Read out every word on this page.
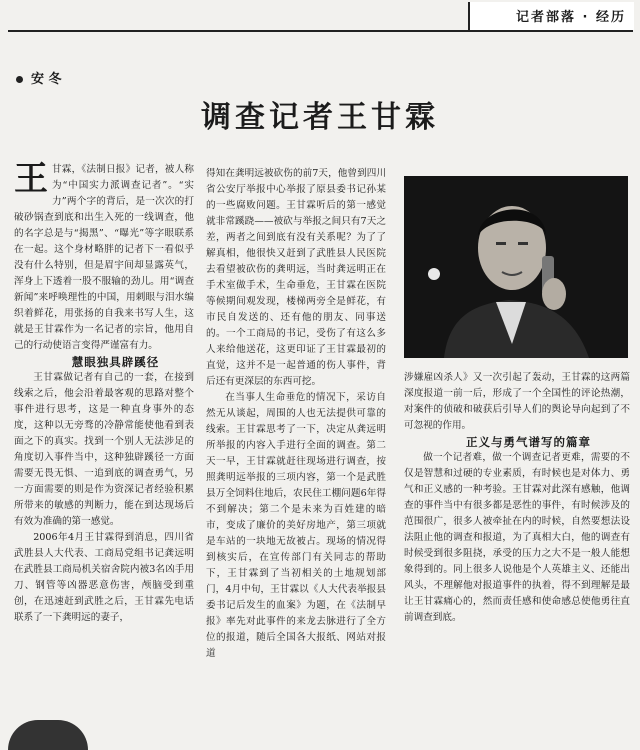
记者部落 · 经历
安 冬
调查记者王甘霖

王甘霖，《法制日报》记者，被人称为“中国实力派调查记者”。“实力”两个字的背后，是一次次的打破砂锅查到底和出生入死的一线调查，他的名字总是与“揭黑”、“曝光”等字眼联系在一起。这个身材略胖的记者下一看似乎没有什么特别，但是眉宇间却显露英气，浑身上下透着一股不服输的劲儿。用“调查新闻”来呼唤理性的中国，用刺眼与泪水编织着鲜花，用张扬的自我来书写人生，这就是王甘霖作为一名记者的宗旨，他用自己的行动使语言变得严谨富有力。

慧眼独具辟蹊径

王甘霖做记者有自己的一套，在接到线索之后，他会沿着最客观的思路对整个事件进行思考，这是一种直身事外的态度，这种以无旁骛的冷静常能使他看到表面之下的真实。找到一个别人无法涉足的角度切入事件当中，这种独辟蹊径一方面需要无畏无惧、一追到底的调查勇气，另一方面需要的则是作为资深记者经验积累所带来的敏感的判断力，能在到达现场后有效为准确的第一感觉。

2006年4月王甘霖得到消息，四川省武胜县人大代表、工商局党组书记龚远明在武胜县工商局机关宿舍院内被3名凶手用刀、钢管等凶器恶意伤害，颅脑受到重创，在迅速赶到武胜之后，王甘霖先电话联系了一下龚明远的妻子，

得知在龚明远被砍伤的前7天，他曾到四川省公安厅举报中心举报了原县委书记孙某的一些腐败问题。王甘霖听后的第一感觉就非常蹊跷——被砍与举报之间只有7天之差，两者之间到底有没有关系呢？为了了解真相，他很快又赶到了武胜县人民医院去看望被砍伤的龚明远，当时龚远明正在手术室做手术，生命垂危，王甘霖在医院等候期间观发现，楼梯两旁全是鲜花，有市民自发送的、还有他的朋友、同事送的。一个工商局的书记，受伤了有这么多人来给他送花，这更印证了王甘霖最初的直觉，这并不是一起普通的伤人事件，背后还有更深层的东西可挖。

在当事人生命垂危的情况下，采访自然无从谈起，周围的人也无法提供可靠的线索。王甘霖思考了一下，决定从龚远明所举报的内容入手进行全面的调查。第二天一早，王甘霖就赶往现场进行调查，按照龚明远举报的三项内容，第一个是武胜县万全饲料住地后，农民住工棚问题6年得不到解决；第二个是未来为百姓建的暗市，变成了廉价的美好房地产，第三项就是车站的一块地无故被占。现场的情况得到核实后，在宣传部门有关同志的帮助下，王甘霖到了当初相关的土地规划部门，4月中旬，王甘霖以《人大代表举报县委书记后发生的血案》为题，在《法制早报》率先对此事件的来龙去脉进行了全方位的报道，随后全国各大报纸、网站对报道

涉嫌雇凶杀人》又一次引起了轰动，王甘霖的这两篇深度报道一前一后，形成了一个全国性的评论热潮，对案件的侦破和破获后引导人们的舆论导向起到了不可忽视的作用。

正义与勇气谱写的篇章

做一个记者难，做一个调查记者更难，需要的不仅是智慧和过硬的专业素质，有时候也是对体力、勇气和正义感的一种考验。王甘霖对此深有感触，他调查的事件当中有很多都是恶性的事件，有时候涉及的范围很广，很多人被牵扯在内的时候，自然要想法设法阻止他的调查和报道，为了真相大白，他的调查有时候受到很多阻挠，承受的压力之大不是一般人能想象得到的。同上很多人说他是个人英雄主义、还能出风头，不理解他对报道事件的执着，得不到理解是最让王甘霖痛心的，然而责任感和使命感总使他勇往直前调查到底。
